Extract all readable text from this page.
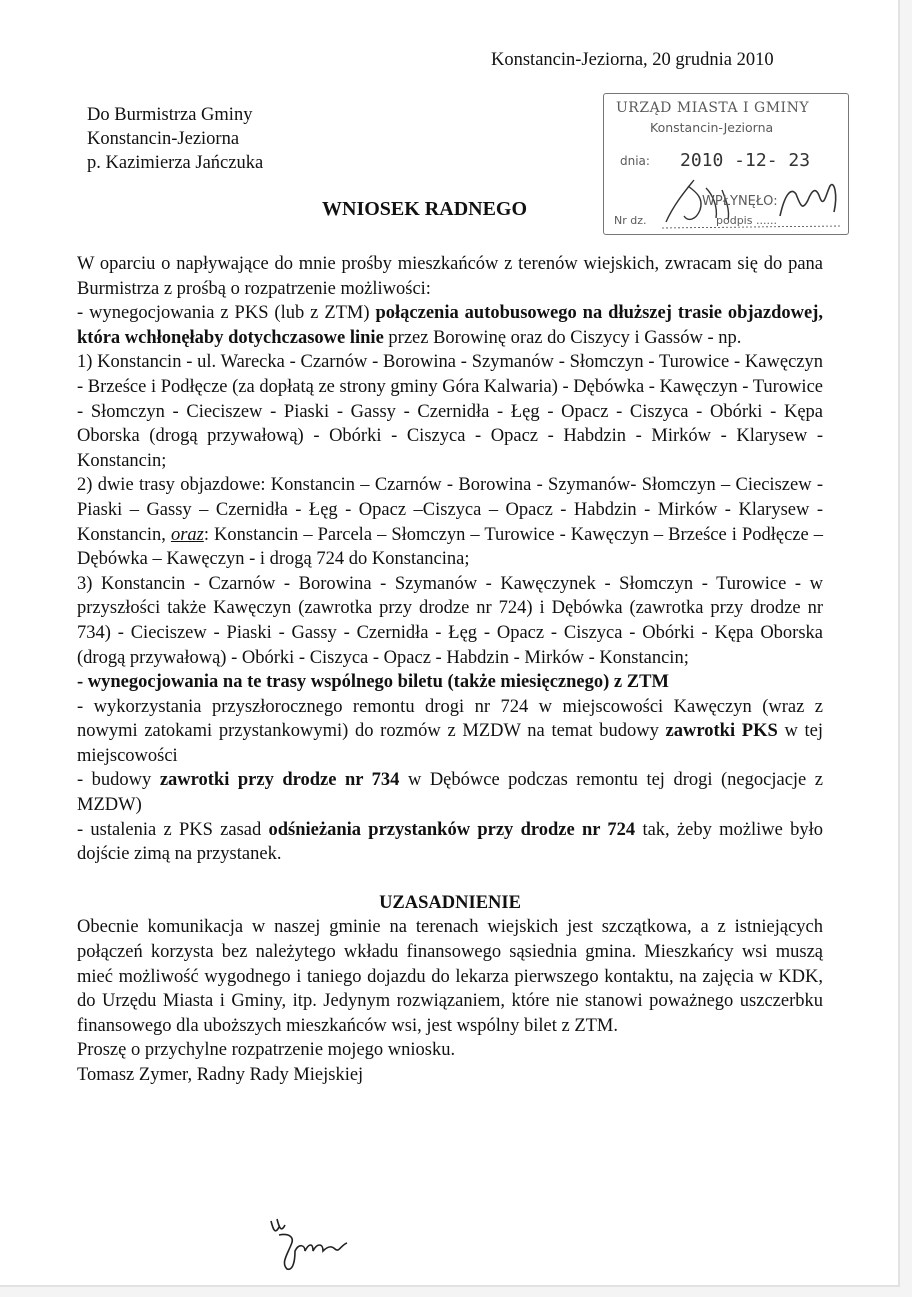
Konstancin-Jeziorna, 20 grudnia 2010
Do Burmistrza Gminy
Konstancin-Jeziorna
p. Kazimierza Jańczuka
URZĄD MIASTA I GMINY
Konstancin-Jeziorna
dnia: 2010 -12- 23
WPŁYNĘŁO:
Nr dz.	podpis ......
WNIOSEK RADNEGO

W oparciu o napływające do mnie prośby mieszkańców z terenów wiejskich, zwracam się do pana Burmistrza z prośbą o rozpatrzenie możliwości:

- wynegocjowania z PKS (lub z ZTM) połączenia autobusowego na dłuższej trasie objazdowej, która wchłonęłaby dotychczasowe linie przez Borowinę oraz do Ciszycy i Gassów - np.

1) Konstancin - ul. Warecka - Czarnów - Borowina - Szymanów - Słomczyn - Turowice - Kawęczyn - Brześce i Podłęcze (za dopłatą ze strony gminy Góra Kalwaria) - Dębówka - Kawęczyn - Turowice - Słomczyn - Cieciszew - Piaski - Gassy - Czernidła - Łęg - Opacz - Ciszyca - Obórki - Kępa Oborska (drogą przywałową) - Obórki - Ciszyca - Opacz - Habdzin - Mirków - Klarysew - Konstancin;

2) dwie trasy objazdowe: Konstancin – Czarnów - Borowina - Szymanów- Słomczyn – Cieciszew - Piaski – Gassy – Czernidła - Łęg - Opacz –Ciszyca – Opacz - Habdzin - Mirków - Klarysew - Konstancin, oraz: Konstancin – Parcela – Słomczyn – Turowice - Kawęczyn – Brześce i Podłęcze – Dębówka – Kawęczyn - i drogą 724 do Konstancina;

3) Konstancin - Czarnów - Borowina - Szymanów - Kawęczynek - Słomczyn - Turowice - w przyszłości także Kawęczyn (zawrotka przy drodze nr 724) i Dębówka (zawrotka przy drodze nr 734) - Cieciszew - Piaski - Gassy - Czernidła - Łęg - Opacz - Ciszyca - Obórki - Kępa Oborska (drogą przywałową) - Obórki - Ciszyca - Opacz - Habdzin - Mirków - Konstancin;

- wynegocjowania na te trasy wspólnego biletu (także miesięcznego) z ZTM

- wykorzystania przyszłorocznego remontu drogi nr 724 w miejscowości Kawęczyn (wraz z nowymi zatokami przystankowymi) do rozmów z MZDW na temat budowy zawrotki PKS w tej miejscowości

- budowy zawrotki przy drodze nr 734 w Dębówce podczas remontu tej drogi (negocjacje z MZDW)

- ustalenia z PKS zasad odśnieżania przystanków przy drodze nr 724 tak, żeby możliwe było dojście zimą na przystanek.

UZASADNIENIE

Obecnie komunikacja w naszej gminie na terenach wiejskich jest szczątkowa, a z istniejących połączeń korzysta bez należytego wkładu finansowego sąsiednia gmina. Mieszkańcy wsi muszą mieć możliwość wygodnego i taniego dojazdu do lekarza pierwszego kontaktu, na zajęcia w KDK, do Urzędu Miasta i Gminy, itp. Jedynym rozwiązaniem, które nie stanowi poważnego uszczerbku finansowego dla uboższych mieszkańców wsi, jest wspólny bilet z ZTM.

Proszę o przychylne rozpatrzenie mojego wniosku.

Tomasz Zymer, Radny Rady Miejskiej
